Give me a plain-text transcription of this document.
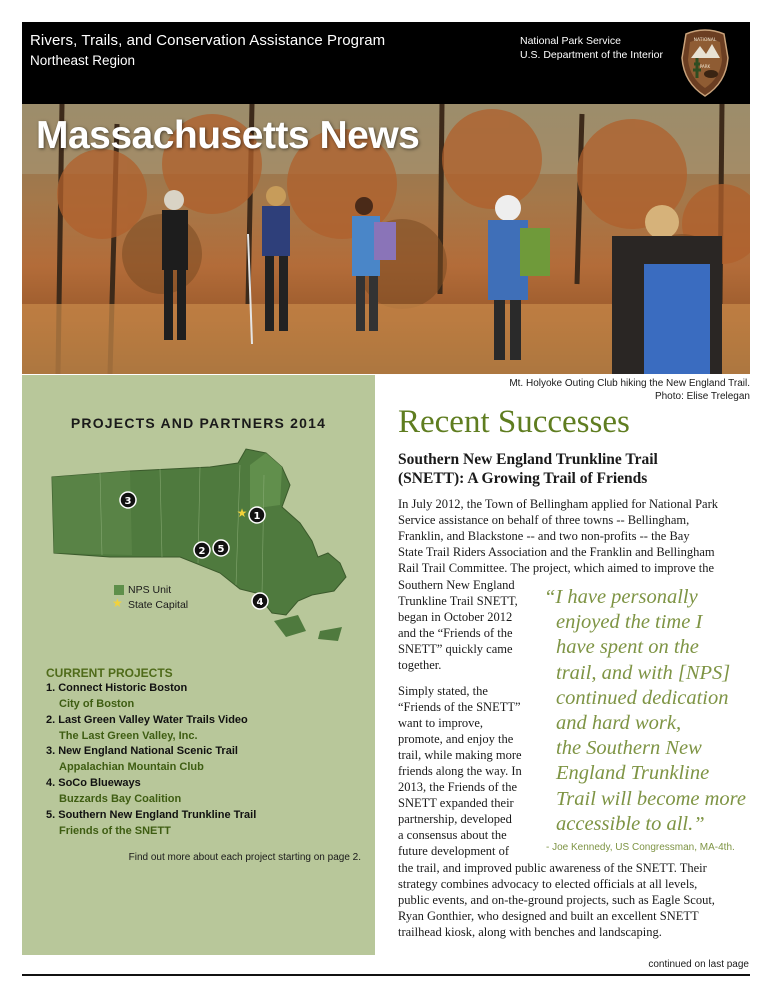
Rivers, Trails, and Conservation Assistance Program
Northeast Region
National Park Service
U.S. Department of the Interior
NATIONAL
PARK
Massachusetts News
Mt. Holyoke Outing Club hiking the New England Trail.
Photo: Elise Trelegan
PROJECTS AND PARTNERS 2014
3
1
★
2 5
4
NPS Unit
★ State Capital
CURRENT PROJECTS
1. Connect Historic Boston
City of Boston
2. Last Green Valley Water Trails Video
The Last Green Valley, Inc.
3. New England National Scenic Trail
Appalachian Mountain Club
4. SoCo Blueways
Buzzards Bay Coalition
5. Southern New England Trunkline Trail
Friends of the SNETT
Find out more about each project starting on page 2.
Recent Successes
Southern New England Trunkline Trail
(SNETT): A Growing Trail of Friends
In July 2012, the Town of Bellingham applied for National Park
Service assistance on behalf of three towns -- Bellingham,
Franklin, and Blackstone -- and two non-profits -- the Bay
State Trail Riders Association and the Franklin and Bellingham
Rail Trail Committee. The project, which aimed to improve the
Southern New England
Trunkline Trail SNETT,
began in October 2012
and the “Friends of the
SNETT” quickly came
together.
Simply stated, the
“Friends of the SNETT”
want to improve,
promote, and enjoy the
trail, while making more
friends along the way. In
2013, the Friends of the
SNETT expanded their
partnership, developed
a consensus about the
future development of
the trail, and improved public awareness of the SNETT. Their
strategy combines advocacy to elected officials at all levels,
public events, and on-the-ground projects, such as Eagle Scout,
Ryan Gonthier, who designed and built an excellent SNETT
trailhead kiosk, along with benches and landscaping.
“I have personally
enjoyed the time I
have spent on the
trail, and with [NPS]
continued dedication
and hard work,
the Southern New
England Trunkline
Trail will become more
accessible to all.”
- Joe Kennedy, US Congressman, MA-4th.
continued on last page
